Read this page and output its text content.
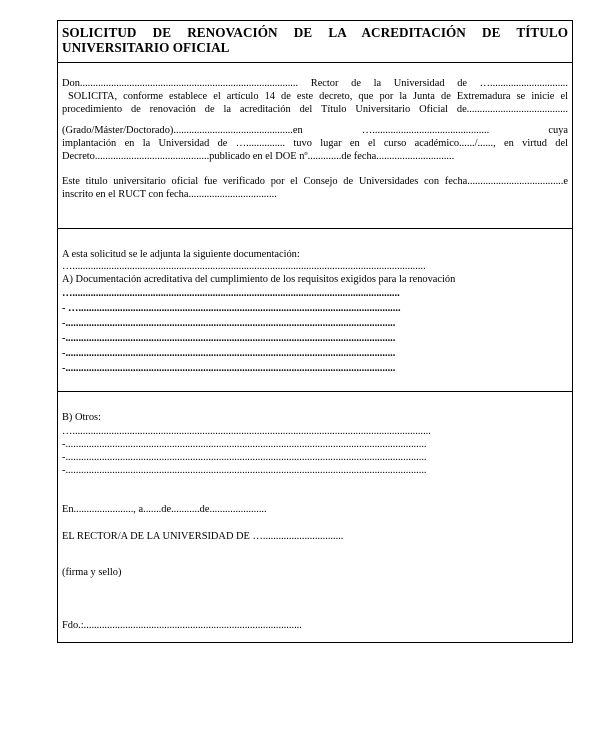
SOLICITUD DE RENOVACIÓN DE LA ACREDITACIÓN DE TÍTULO
UNIVERSITARIO OFICIAL

Don.................................................................................... Rector de la Universidad de …..............................
SOLICITA, conforme establece el artículo 14 de este decreto, que por la Junta de Extremadura se inicie el
procedimiento de renovación de la acreditación del Título Universitario Oficial de.......................................
(Grado/Máster/Doctorado)..............................................en …............................................. cuya
implantación en la Universidad de …............... tuvo lugar en el curso académico....../......, en virtud del
Decreto............................................publicado en el DOE nº.............de fecha..............................
Este titulo universitario oficial fue verificado por el Consejo de Universidades con fecha.....................................e
inscrito en el RUCT con fecha..................................
A esta solicitud se le adjunta la siguiente documentación:
…........................................................................................................................................
A) Documentación acreditativa del cumplimiento de los requisitos exigidos para la renovación
…..............................................................................................................................
- …............................................................................................................................
-...............................................................................................................................
-...............................................................................................................................
-...............................................................................................................................
-...............................................................................................................................
B) Otros:
…..........................................................................................................................................
-...........................................................................................................................................
-...........................................................................................................................................
-...........................................................................................................................................
En......................., a.......de...........de......................
EL RECTOR/A DE LA UNIVERSIDAD DE …...............................
(firma y sello)
Fdo.:....................................................................................
